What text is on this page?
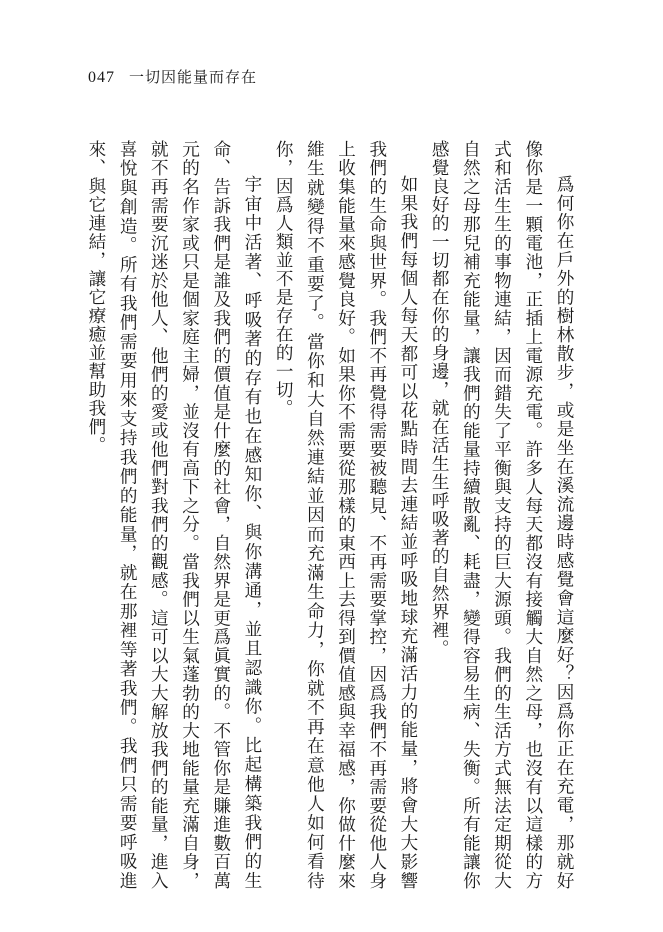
047 一切因能量而存在

爲何你在戶外的樹林散步，或是坐在溪流邊時感覺會這麼好？因爲你正在充電，那就好像你是一顆電池，正插上電源充電。許多人每天都沒有接觸大自然之母，也沒有以這樣的方式和活生生的事物連結，因而錯失了平衡與支持的巨大源頭。我們的生活方式無法定期從大自然之母那兒補充能量，讓我們的能量持續散亂、耗盡，變得容易生病、失衡。所有能讓你感覺良好的一切都在你的身邊，就在活生生呼吸著的自然界裡。

如果我們每個人每天都可以花點時間去連結並呼吸地球充滿活力的能量，將會大大影響我們的生命與世界。我們不再覺得需要被聽見、不再需要掌控，因爲我們不再需要從他人身上收集能量來感覺良好。如果你不需要從那樣的東西上去得到價值感與幸福感，你做什麼來維生就變得不重要了。當你和大自然連結並因而充滿生命力，你就不再在意他人如何看待你，因爲人類並不是存在的一切。

宇宙中活著、呼吸著的存有也在感知你、與你溝通，並且認識你。比起構築我們的生命、告訴我們是誰及我們的價值是什麼的社會，自然界是更爲眞實的。不管你是賺進數百萬元的名作家或只是個家庭主婦，並沒有高下之分。當我們以生氣蓬勃的大地能量充滿自身，就不再需要沉迷於他人、他們的愛或他們對我們的觀感。這可以大大解放我們的能量，進入喜悅與創造。所有我們需要用來支持我們的能量，就在那裡等著我們。我們只需要呼吸進來、與它連結，讓它療癒並幫助我們。
